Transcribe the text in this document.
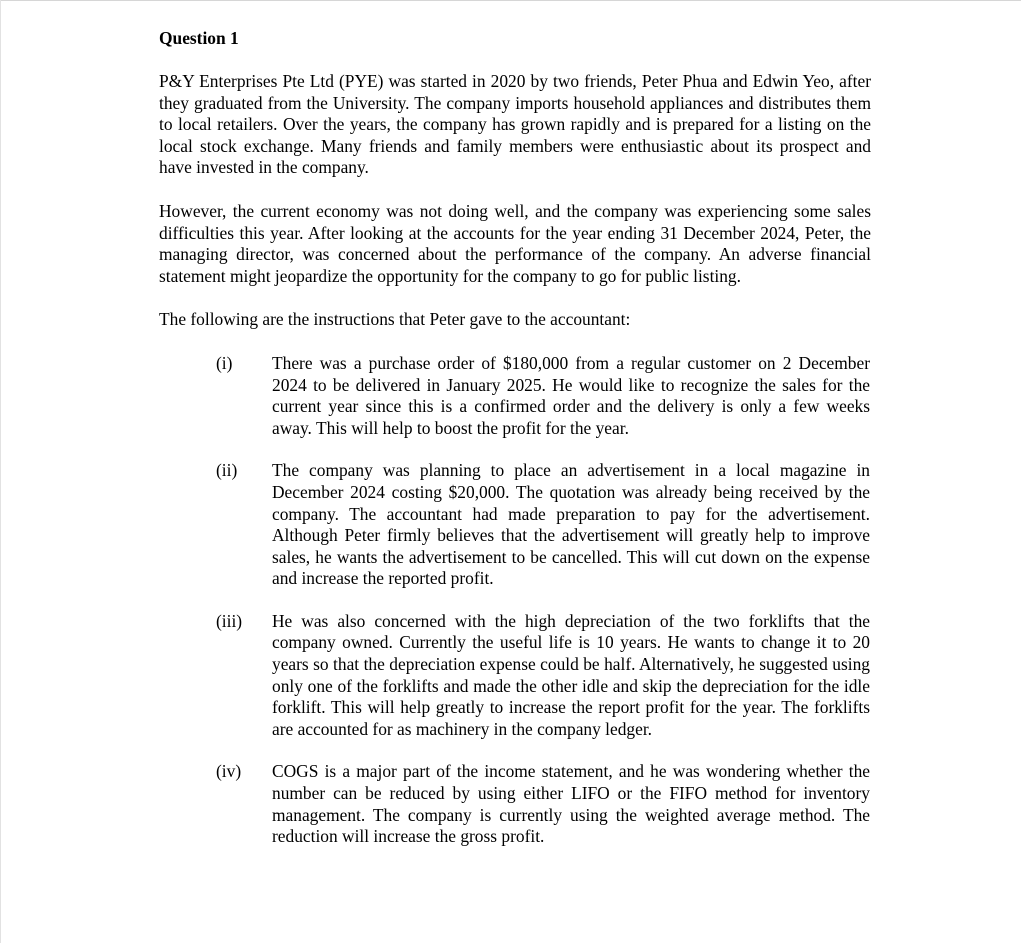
Question 1

P&Y Enterprises Pte Ltd (PYE) was started in 2020 by two friends, Peter Phua and Edwin Yeo, after they graduated from the University. The company imports household appliances and distributes them to local retailers. Over the years, the company has grown rapidly and is prepared for a listing on the local stock exchange. Many friends and family members were enthusiastic about its prospect and have invested in the company.

However, the current economy was not doing well, and the company was experiencing some sales difficulties this year. After looking at the accounts for the year ending 31 December 2024, Peter, the managing director, was concerned about the performance of the company. An adverse financial statement might jeopardize the opportunity for the company to go for public listing.

The following are the instructions that Peter gave to the accountant:

(i)	There was a purchase order of $180,000 from a regular customer on 2 December 2024 to be delivered in January 2025. He would like to recognize the sales for the current year since this is a confirmed order and the delivery is only a few weeks away. This will help to boost the profit for the year.
(ii)	The company was planning to place an advertisement in a local magazine in December 2024 costing $20,000. The quotation was already being received by the company. The accountant had made preparation to pay for the advertisement. Although Peter firmly believes that the advertisement will greatly help to improve sales, he wants the advertisement to be cancelled. This will cut down on the expense and increase the reported profit.
(iii)	He was also concerned with the high depreciation of the two forklifts that the company owned. Currently the useful life is 10 years. He wants to change it to 20 years so that the depreciation expense could be half. Alternatively, he suggested using only one of the forklifts and made the other idle and skip the depreciation for the idle forklift. This will help greatly to increase the report profit for the year. The forklifts are accounted for as machinery in the company ledger.
(iv)	COGS is a major part of the income statement, and he was wondering whether the number can be reduced by using either LIFO or the FIFO method for inventory management. The company is currently using the weighted average method. The reduction will increase the gross profit.
